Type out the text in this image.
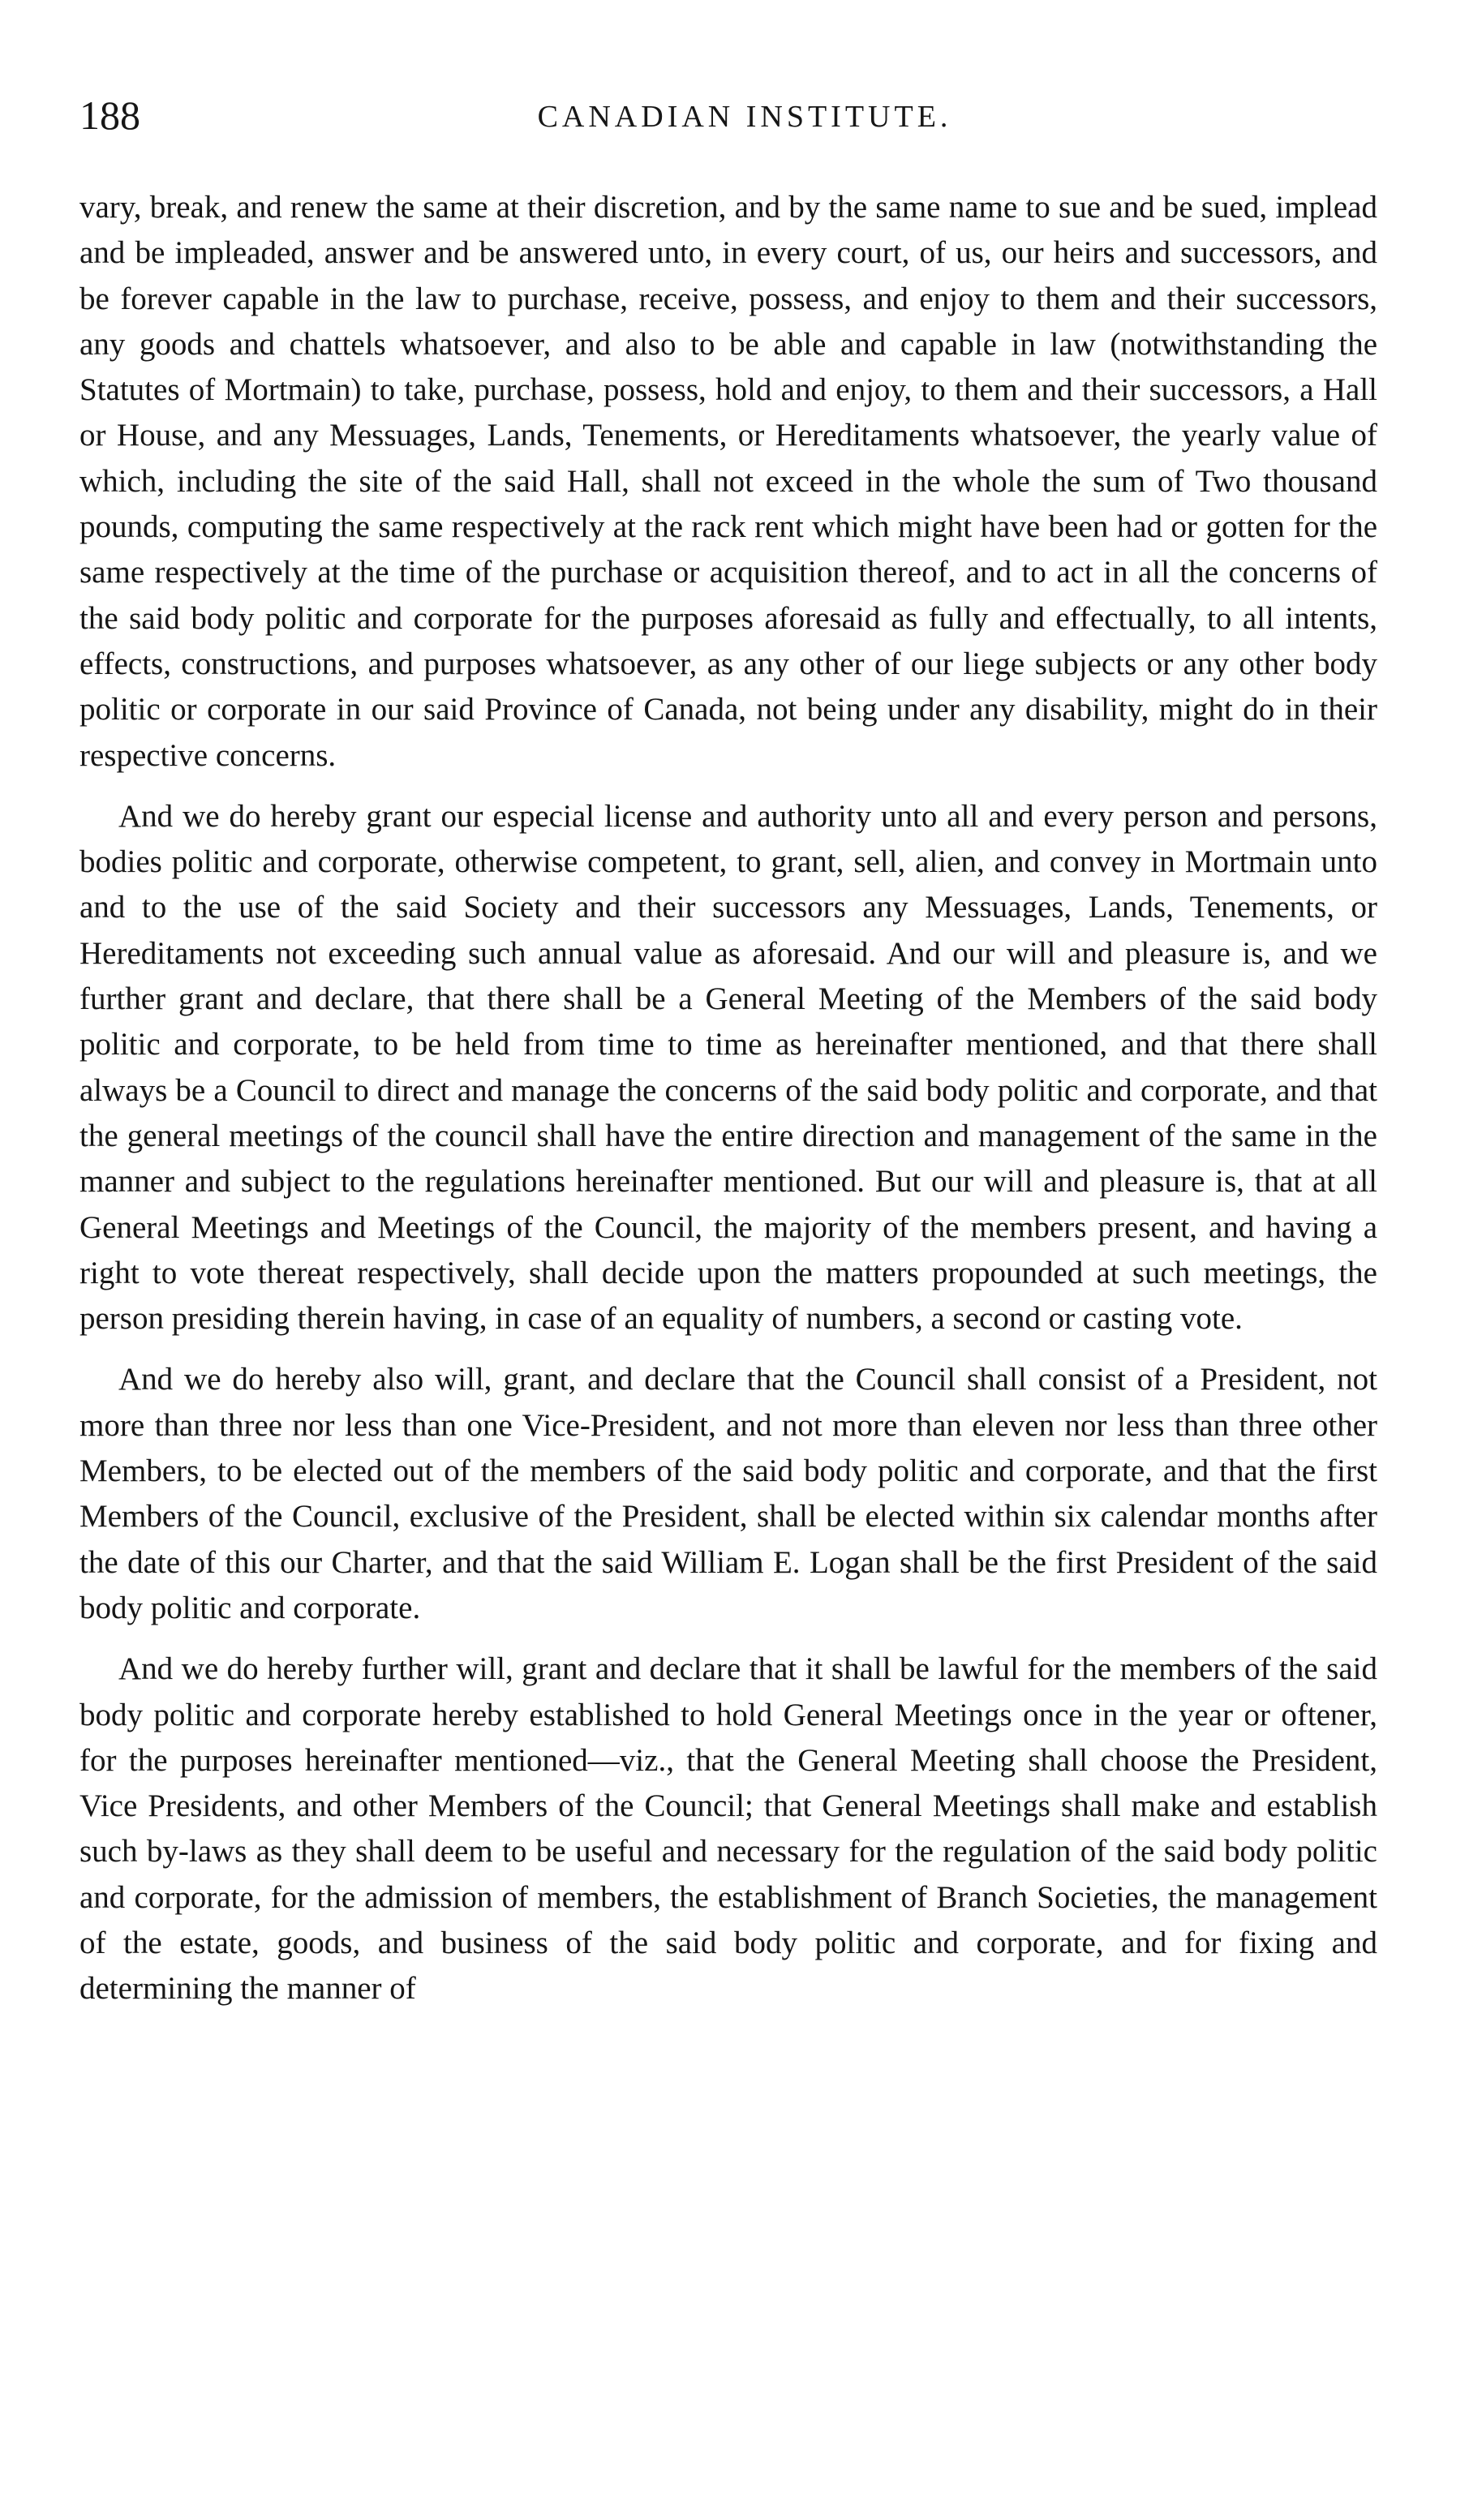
188	CANADIAN INSTITUTE.

vary, break, and renew the same at their discretion, and by the same name to sue and be sued, implead and be impleaded, answer and be answered unto, in every court, of us, our heirs and successors, and be forever capable in the law to purchase, receive, possess, and enjoy to them and their successors, any goods and chattels whatsoever, and also to be able and capable in law (notwithstanding the Statutes of Mortmain) to take, purchase, possess, hold and enjoy, to them and their successors, a Hall or House, and any Messuages, Lands, Tenements, or Hereditaments whatsoever, the yearly value of which, including the site of the said Hall, shall not exceed in the whole the sum of Two thousand pounds, computing the same respectively at the rack rent which might have been had or gotten for the same respectively at the time of the purchase or acquisition thereof, and to act in all the concerns of the said body politic and corporate for the purposes aforesaid as fully and effectually, to all intents, effects, constructions, and purposes whatsoever, as any other of our liege subjects or any other body politic or corporate in our said Province of Canada, not being under any disability, might do in their respective concerns.

And we do hereby grant our especial license and authority unto all and every person and persons, bodies politic and corporate, otherwise competent, to grant, sell, alien, and convey in Mortmain unto and to the use of the said Society and their successors any Messuages, Lands, Tenements, or Hereditaments not exceeding such annual value as aforesaid. And our will and pleasure is, and we further grant and declare, that there shall be a General Meeting of the Members of the said body politic and corporate, to be held from time to time as hereinafter mentioned, and that there shall always be a Council to direct and manage the concerns of the said body politic and corporate, and that the general meetings of the council shall have the entire direction and management of the same in the manner and subject to the regulations hereinafter mentioned. But our will and pleasure is, that at all General Meetings and Meetings of the Council, the majority of the members present, and having a right to vote thereat respectively, shall decide upon the matters propounded at such meetings, the person presiding therein having, in case of an equality of numbers, a second or casting vote.

And we do hereby also will, grant, and declare that the Council shall consist of a President, not more than three nor less than one Vice-President, and not more than eleven nor less than three other Members, to be elected out of the members of the said body politic and corporate, and that the first Members of the Council, exclusive of the President, shall be elected within six calendar months after the date of this our Charter, and that the said William E. Logan shall be the first President of the said body politic and corporate.

And we do hereby further will, grant and declare that it shall be lawful for the members of the said body politic and corporate hereby established to hold General Meetings once in the year or oftener, for the purposes hereinafter mentioned—viz., that the General Meeting shall choose the President, Vice Presidents, and other Members of the Council; that General Meetings shall make and establish such by-laws as they shall deem to be useful and necessary for the regulation of the said body politic and corporate, for the admission of members, the establishment of Branch Societies, the management of the estate, goods, and business of the said body politic and corporate, and for fixing and determining the manner of
